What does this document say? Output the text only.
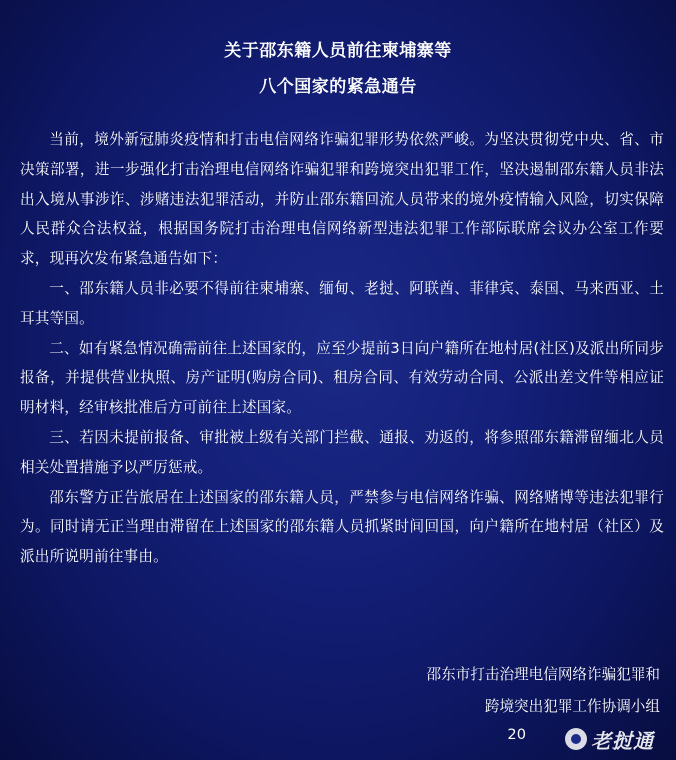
关于邵东籍人员前往柬埔寨等
八个国家的紧急通告

当前，境外新冠肺炎疫情和打击电信网络诈骗犯罪形势依然严峻。为坚决贯彻党中央、省、市决策部署，进一步强化打击治理电信网络诈骗犯罪和跨境突出犯罪工作，坚决遏制邵东籍人员非法出入境从事涉诈、涉赌违法犯罪活动，并防止邵东籍回流人员带来的境外疫情输入风险，切实保障人民群众合法权益，根据国务院打击治理电信网络新型违法犯罪工作部际联席会议办公室工作要求，现再次发布紧急通告如下：

一、邵东籍人员非必要不得前往柬埔寨、缅甸、老挝、阿联酋、菲律宾、泰国、马来西亚、土耳其等国。

二、如有紧急情况确需前往上述国家的，应至少提前3日向户籍所在地村居(社区)及派出所同步报备，并提供营业执照、房产证明(购房合同)、租房合同、有效劳动合同、公派出差文件等相应证明材料，经审核批准后方可前往上述国家。

三、若因未提前报备、审批被上级有关部门拦截、通报、劝返的，将参照邵东籍滞留缅北人员相关处置措施予以严厉惩戒。

邵东警方正告旅居在上述国家的邵东籍人员，严禁参与电信网络诈骗、网络赌博等违法犯罪行为。同时请无正当理由滞留在上述国家的邵东籍人员抓紧时间回国，向户籍所在地村居（社区）及派出所说明前往事由。

邵东市打击治理电信网络诈骗犯罪和
跨境突出犯罪工作协调小组
20	老挝通
